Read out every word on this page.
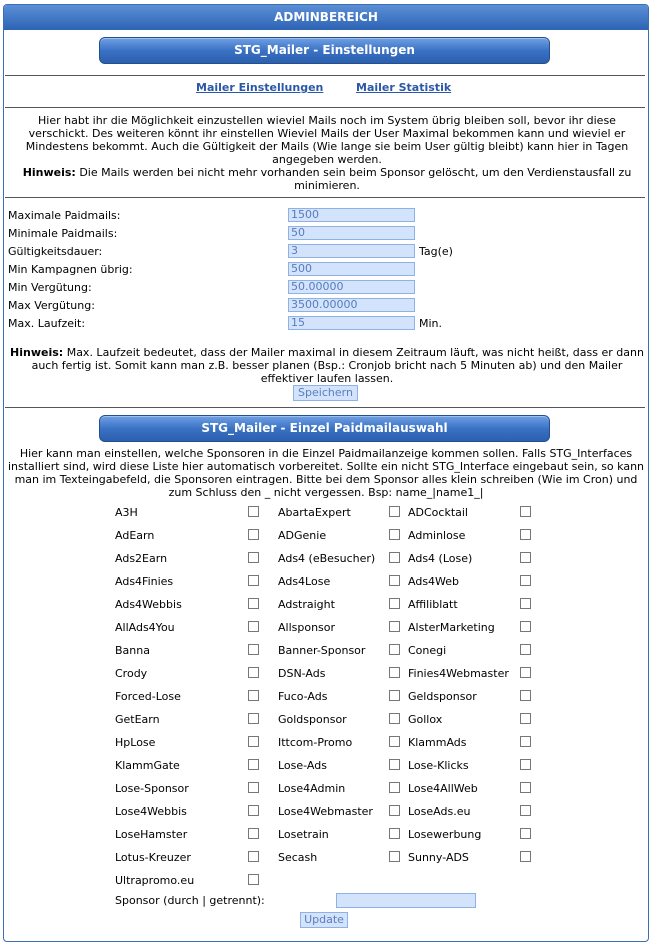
ADMINBEREICH
STG_Mailer - Einstellungen
Mailer Einstellungen	Mailer Statistik
Hier habt ihr die Möglichkeit einzustellen wieviel Mails noch im System übrig bleiben soll, bevor ihr diese verschickt. Des weiteren könnt ihr einstellen Wieviel Mails der User Maximal bekommen kann und wieviel er Mindestens bekommt. Auch die Gültigkeit der Mails (Wie lange sie beim User gültig bleibt) kann hier in Tagen angegeben werden.
Hinweis: Die Mails werden bei nicht mehr vorhanden sein beim Sponsor gelöscht, um den Verdienstausfall zu minimieren.
Maximale Paidmails:	1500
Minimale Paidmails:	50
Gültigkeitsdauer:	3	Tag(e)
Min Kampagnen übrig:	500
Min Vergütung:	50.00000
Max Vergütung:	3500.00000
Max. Laufzeit:	15	Min.
Hinweis: Max. Laufzeit bedeutet, dass der Mailer maximal in diesem Zeitraum läuft, was nicht heißt, dass er dann auch fertig ist. Somit kann man z.B. besser planen (Bsp.: Cronjob bricht nach 5 Minuten ab) und den Mailer effektiver laufen lassen.
Speichern
STG_Mailer - Einzel Paidmailauswahl
Hier kann man einstellen, welche Sponsoren in die Einzel Paidmailanzeige kommen sollen. Falls STG_Interfaces installiert sind, wird diese Liste hier automatisch vorbereitet. Sollte ein nicht STG_Interface eingebaut sein, so kann man im Texteingabefeld, die Sponsoren eintragen. Bitte bei dem Sponsor alles klein schreiben (Wie im Cron) und zum Schluss den _ nicht vergessen. Bsp: name_|name1_|
A3H	AbartaExpert	ADCocktail
AdEarn	ADGenie	Adminlose
Ads2Earn	Ads4 (eBesucher)	Ads4 (Lose)
Ads4Finies	Ads4Lose	Ads4Web
Ads4Webbis	Adstraight	Affiliblatt
AllAds4You	Allsponsor	AlsterMarketing
Banna	Banner-Sponsor	Conegi
Crody	DSN-Ads	Finies4Webmaster
Forced-Lose	Fuco-Ads	Geldsponsor
GetEarn	Goldsponsor	Gollox
HpLose	Ittcom-Promo	KlammAds
KlammGate	Lose-Ads	Lose-Klicks
Lose-Sponsor	Lose4Admin	Lose4AllWeb
Lose4Webbis	Lose4Webmaster	LoseAds.eu
LoseHamster	Losetrain	Losewerbung
Lotus-Kreuzer	Secash	Sunny-ADS
Ultrapromo.eu
Sponsor (durch | getrennt):
Update
